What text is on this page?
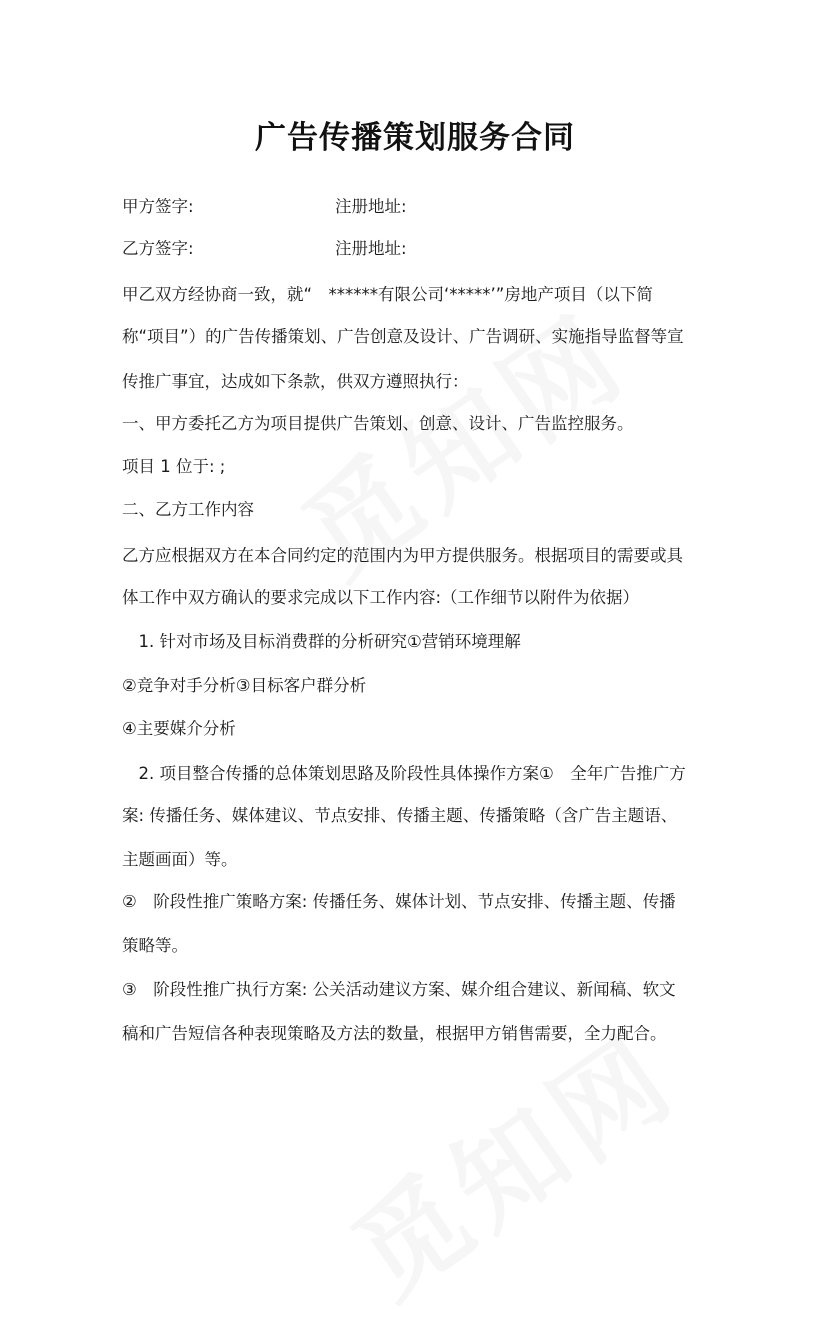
广告传播策划服务合同
甲方签字:	注册地址:
乙方签字:	注册地址:
甲乙双方经协商一致，就“　******有限公司‘*****’”房地产项目（以下简
称“项目”）的广告传播策划、广告创意及设计、广告调研、实施指导监督等宣
传推广事宜，达成如下条款，供双方遵照执行：
一、甲方委托乙方为项目提供广告策划、创意、设计、广告监控服务。
项目 1 位于: ;
二、乙方工作内容
乙方应根据双方在本合同约定的范围内为甲方提供服务。根据项目的需要或具
体工作中双方确认的要求完成以下工作内容:（工作细节以附件为依据）
　1. 针对市场及目标消费群的分析研究①营销环境理解
②竞争对手分析③目标客户群分析
④主要媒介分析
　2. 项目整合传播的总体策划思路及阶段性具体操作方案①　全年广告推广方
案: 传播任务、媒体建议、节点安排、传播主题、传播策略（含广告主题语、
主题画面）等。
②　阶段性推广策略方案: 传播任务、媒体计划、节点安排、传播主题、传播
策略等。
③　阶段性推广执行方案: 公关活动建议方案、媒介组合建议、新闻稿、软文
稿和广告短信各种表现策略及方法的数量，根据甲方销售需要，全力配合。
